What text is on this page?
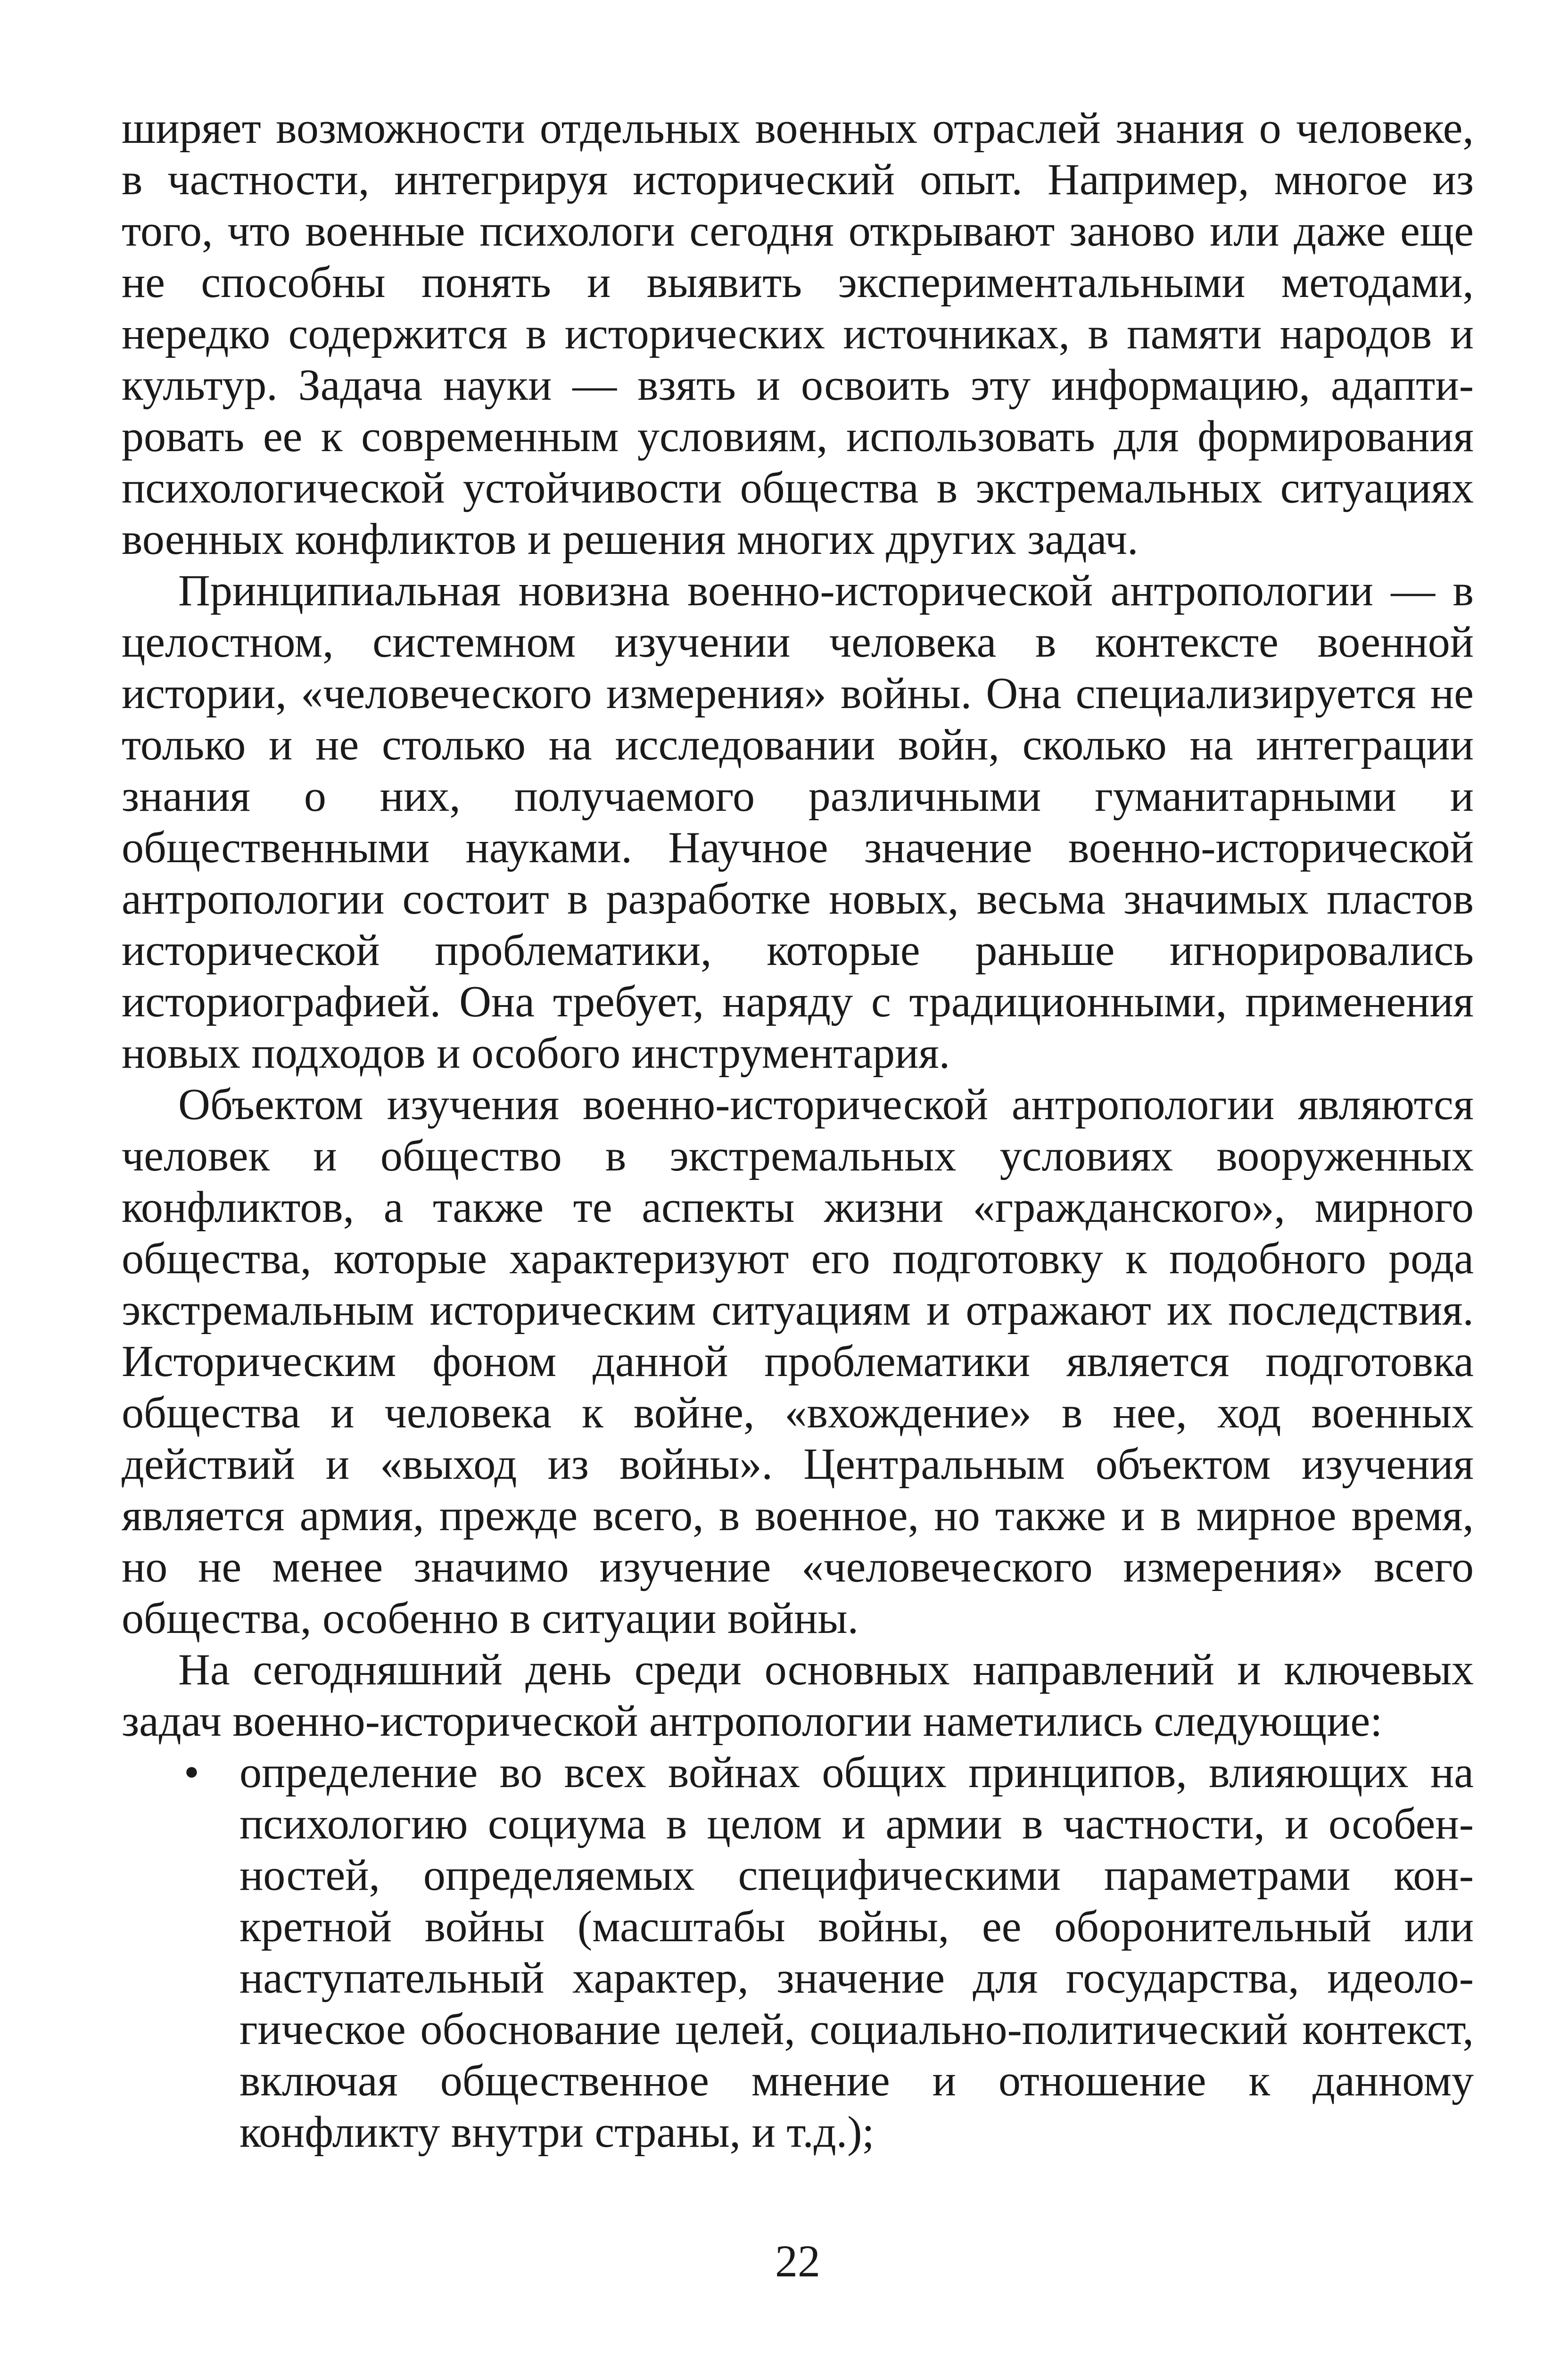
ширяет возможности отдельных военных отраслей знания о человеке, в частности, интегрируя исторический опыт. Например, многое из того, что военные психологи сегодня открывают заново или даже еще не способны понять и выявить экспериментальными методами, нередко содержится в исторических источниках, в памяти народов и культур. Задача науки — взять и освоить эту информацию, адаптировать ее к современным условиям, использовать для формирования психологической устойчивости общества в экстремальных ситуациях военных конфликтов и решения многих других задач.

Принципиальная новизна военно-исторической антропологии — в целостном, системном изучении человека в контексте военной истории, «человеческого измерения» войны. Она специализируется не только и не столько на исследовании войн, сколько на интеграции знания о них, получаемого различными гуманитарными и общественными науками. Научное значение военно-исторической антропологии состоит в разработке новых, весьма значимых пластов исторической проблематики, которые раньше игнорировались историографией. Она требует, наряду с традиционными, применения новых подходов и особого инструментария.

Объектом изучения военно-исторической антропологии являются человек и общество в экстремальных условиях вооруженных конфликтов, а также те аспекты жизни «гражданского», мирного общества, которые характеризуют его подготовку к подобного рода экстремальным историческим ситуациям и отражают их последствия. Историческим фоном данной проблематики является подготовка общества и человека к войне, «вхождение» в нее, ход военных действий и «выход из войны». Центральным объектом изучения является армия, прежде всего, в военное, но также и в мирное время, но не менее значимо изучение «человеческого измерения» всего общества, особенно в ситуации войны.

На сегодняшний день среди основных направлений и ключевых задач военно-исторической антропологии наметились следующие:

• определение во всех войнах общих принципов, влияющих на психологию социума в целом и армии в частности, и особенностей, определяемых специфическими параметрами конкретной войны (масштабы войны, ее оборонительный или наступательный характер, значение для государства, идеологическое обоснование целей, социально-политический контекст, включая общественное мнение и отношение к данному конфликту внутри страны, и т.д.);
22
